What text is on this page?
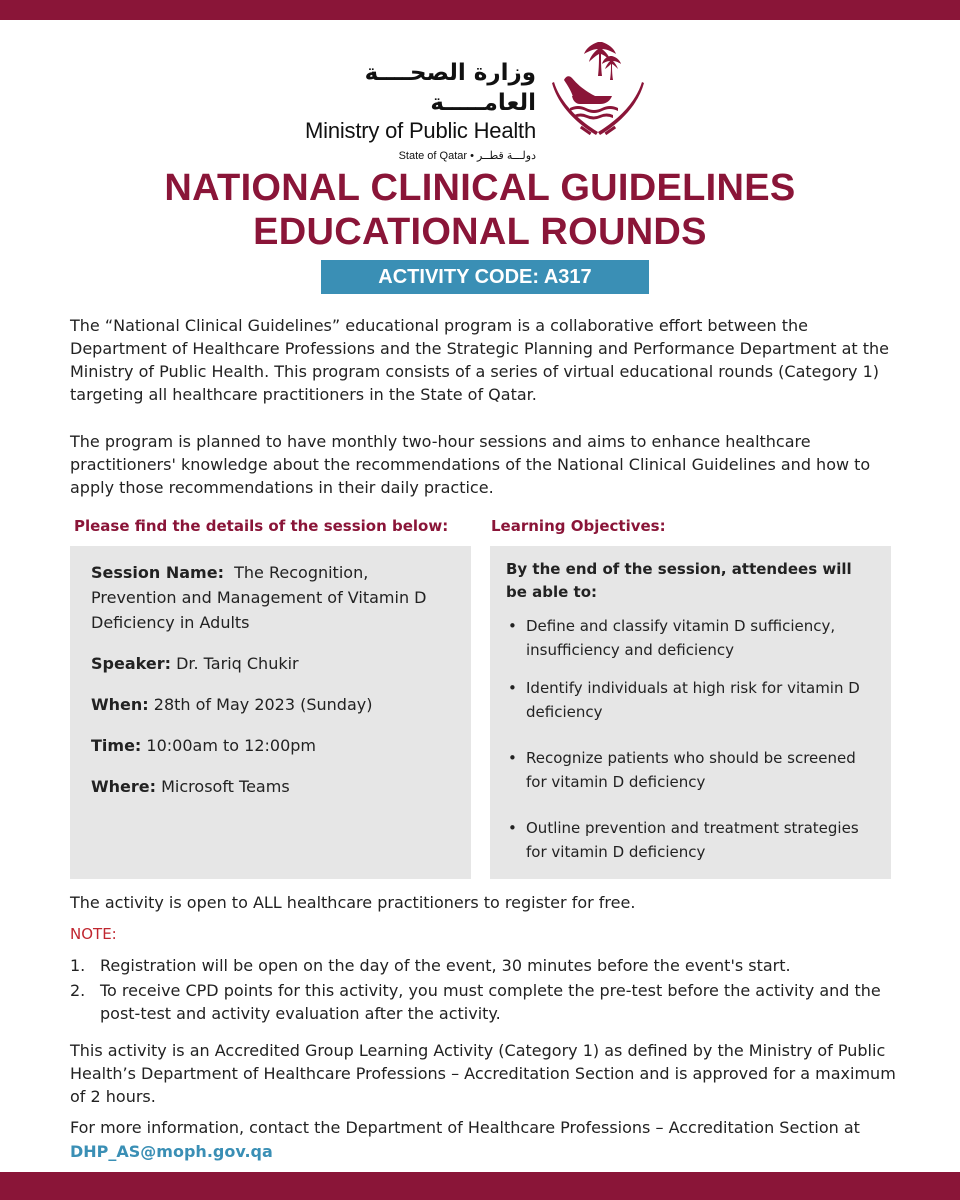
وزارة الصحــــة العامـــــة
Ministry of Public Health
State of Qatar • دولـــة قطــر
NATIONAL CLINICAL GUIDELINES
EDUCATIONAL ROUNDS
ACTIVITY CODE: A317

The “National Clinical Guidelines” educational program is a collaborative effort between the Department of Healthcare Professions and the Strategic Planning and Performance Department at the Ministry of Public Health. This program consists of a series of virtual educational rounds (Category 1) targeting all healthcare practitioners in the State of Qatar.

The program is planned to have monthly two-hour sessions and aims to enhance healthcare practitioners' knowledge about the recommendations of the National Clinical Guidelines and how to apply those recommendations in their daily practice.

Please find the details of the session below:	Learning Objectives:
Session Name: The Recognition, Prevention and Management of Vitamin D Deficiency in Adults
Speaker: Dr. Tariq Chukir
When: 28th of May 2023 (Sunday)
Time: 10:00am to 12:00pm
Where: Microsoft Teams
By the end of the session, attendees will be able to:
• Define and classify vitamin D sufficiency, insufficiency and deficiency
• Identify individuals at high risk for vitamin D deficiency
• Recognize patients who should be screened for vitamin D deficiency
• Outline prevention and treatment strategies for vitamin D deficiency

The activity is open to ALL healthcare practitioners to register for free.

NOTE:
1. Registration will be open on the day of the event, 30 minutes before the event's start.
2. To receive CPD points for this activity, you must complete the pre-test before the activity and the post-test and activity evaluation after the activity.

This activity is an Accredited Group Learning Activity (Category 1) as defined by the Ministry of Public Health’s Department of Healthcare Professions – Accreditation Section and is approved for a maximum of 2 hours.

For more information, contact the Department of Healthcare Professions – Accreditation Section at

DHP_AS@moph.gov.qa
